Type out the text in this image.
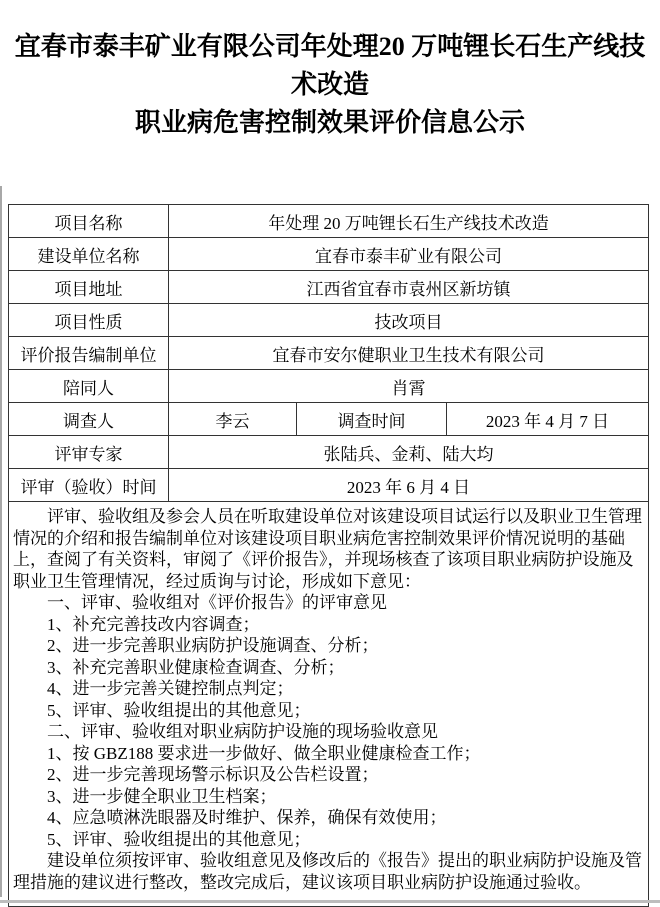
宜春市泰丰矿业有限公司年处理20 万吨锂长石生产线技术改造
职业病危害控制效果评价信息公示
项目名称	年处理 20 万吨锂长石生产线技术改造		
建设单位名称	宜春市泰丰矿业有限公司		
项目地址	江西省宜春市袁州区新坊镇		
项目性质	技改项目		
评价报告编制单位	宜春市安尔健职业卫生技术有限公司		
陪同人	肖霄		
调查人	李云	调查时间	2023 年 4 月 7 日
评审专家	张陆兵、金莉、陆大均		
评审（验收）时间	2023 年 6 月 4 日		

评审、验收组及参会人员在听取建设单位对该建设项目试运行以及职业卫生管理情况的介绍和报告编制单位对该建设项目职业病危害控制效果评价情况说明的基础上，查阅了有关资料，审阅了《评价报告》，并现场核查了该项目职业病防护设施及职业卫生管理情况，经过质询与讨论，形成如下意见：

一、评审、验收组对《评价报告》的评审意见

1、补充完善技改内容调查；

2、进一步完善职业病防护设施调查、分析；

3、补充完善职业健康检查调查、分析；

4、进一步完善关键控制点判定；

5、评审、验收组提出的其他意见；

二、评审、验收组对职业病防护设施的现场验收意见

1、按 GBZ188 要求进一步做好、做全职业健康检查工作；

2、进一步完善现场警示标识及公告栏设置；

3、进一步健全职业卫生档案；

4、应急喷淋洗眼器及时维护、保养，确保有效使用；

5、评审、验收组提出的其他意见；

建设单位须按评审、验收组意见及修改后的《报告》提出的职业病防护设施及管理措施的建议进行整改，整改完成后，建议该项目职业病防护设施通过验收。
